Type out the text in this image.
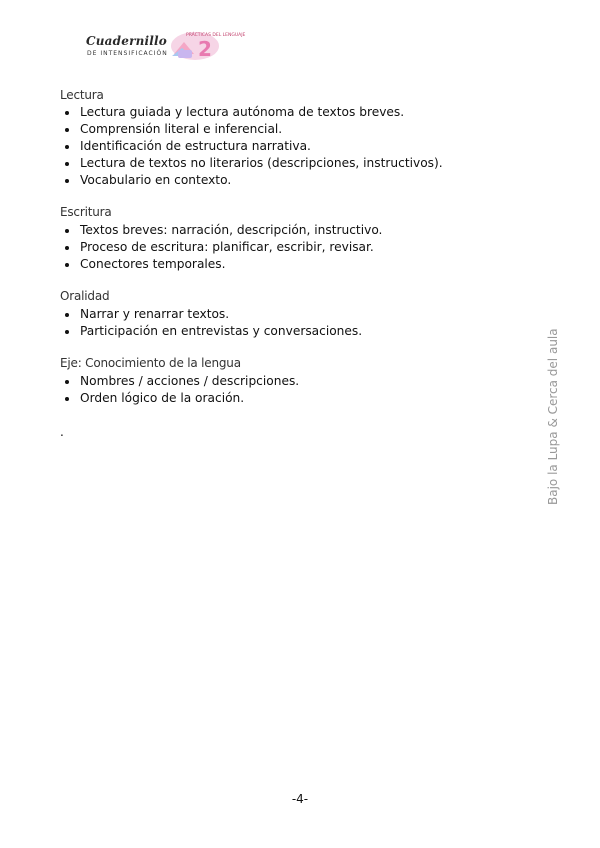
Cuadernillo
DE INTENSIFICACIÓN 2
PRÁCTICAS DEL LENGUAJE
Lectura
Lectura guiada y lectura autónoma de textos breves.
Comprensión literal e inferencial.
Identificación de estructura narrativa.
Lectura de textos no literarios (descripciones, instructivos).
Vocabulario en contexto.
Escritura
Textos breves: narración, descripción, instructivo.
Proceso de escritura: planificar, escribir, revisar.
Conectores temporales.
Oralidad
Narrar y renarrar textos.
Participación en entrevistas y conversaciones.
Eje: Conocimiento de la lengua
Nombres / acciones / descripciones.
Orden lógico de la oración.
.	Bajo la Lupa & Cerca del aula
-4-
